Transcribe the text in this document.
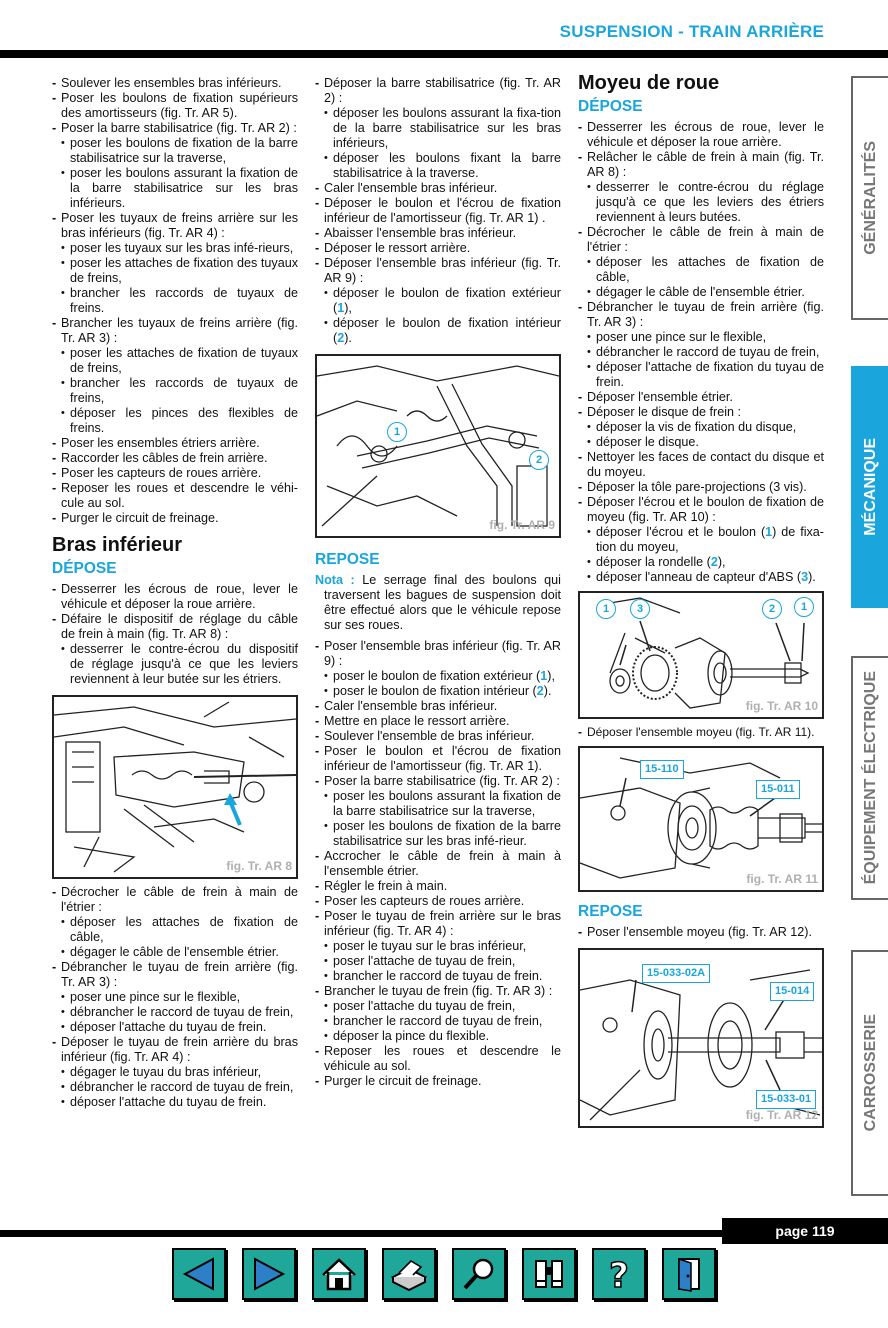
SUSPENSION - TRAIN ARRIÈRE
- Soulever les ensembles bras inférieurs.
- Poser les boulons de fixation supérieurs des amortisseurs (fig. Tr. AR 5).
- Poser la barre stabilisatrice (fig. Tr. AR 2) :
• poser les boulons de fixation de la barre stabilisatrice sur la traverse,
• poser les boulons assurant la fixation de la barre stabilisatrice sur les bras inférieurs.
- Poser les tuyaux de freins arrière sur les bras inférieurs (fig. Tr. AR 4) :
• poser les tuyaux sur les bras infé-rieurs,
• poser les attaches de fixation des tuyaux de freins,
• brancher les raccords de tuyaux de freins.
- Brancher les tuyaux de freins arrière (fig. Tr. AR 3) :
• poser les attaches de fixation de tuyaux de freins,
• brancher les raccords de tuyaux de freins,
• déposer les pinces des flexibles de freins.
- Poser les ensembles étriers arrière.
- Raccorder les câbles de frein arrière.
- Poser les capteurs de roues arrière.
- Reposer les roues et descendre le véhi-cule au sol.
- Purger le circuit de freinage.
Bras inférieur
DÉPOSE
- Desserrer les écrous de roue, lever le véhicule et déposer la roue arrière.
- Défaire le dispositif de réglage du câble de frein à main (fig. Tr. AR 8) :
• desserrer le contre-écrou du dispositif de réglage jusqu'à ce que les leviers reviennent à leur butée sur les étriers.
fig. Tr. AR 8
- Décrocher le câble de frein à main de l'étrier :
• déposer les attaches de fixation de câble,
• dégager le câble de l'ensemble étrier.
- Débrancher le tuyau de frein arrière (fig. Tr. AR 3) :
• poser une pince sur le flexible,
• débrancher le raccord de tuyau de frein,
• déposer l'attache du tuyau de frein.
- Déposer le tuyau de frein arrière du bras inférieur (fig. Tr. AR 4) :
• dégager le tuyau du bras inférieur,
• débrancher le raccord de tuyau de frein,
• déposer l'attache du tuyau de frein.
- Déposer la barre stabilisatrice (fig. Tr. AR 2) :
• déposer les boulons assurant la fixa-tion de la barre stabilisatrice sur les bras inférieurs,
• déposer les boulons fixant la barre stabilisatrice à la traverse.
- Caler l'ensemble bras inférieur.
- Déposer le boulon et l'écrou de fixation inférieur de l'amortisseur (fig. Tr. AR 1) .
- Abaisser l'ensemble bras inférieur.
- Déposer le ressort arrière.
- Déposer l'ensemble bras inférieur (fig. Tr. AR 9) :
• déposer le boulon de fixation extérieur (1),
• déposer le boulon de fixation intérieur (2).
1
2
fig. Tr. AR 9
REPOSE
Nota : Le serrage final des boulons qui traversent les bagues de suspension doit être effectué alors que le véhicule repose sur ses roues.
- Poser l'ensemble bras inférieur (fig. Tr. AR 9) :
• poser le boulon de fixation extérieur (1),
• poser le boulon de fixation intérieur (2).
- Caler l'ensemble bras inférieur.
- Mettre en place le ressort arrière.
- Soulever l'ensemble de bras inférieur.
- Poser le boulon et l'écrou de fixation inférieur de l'amortisseur (fig. Tr. AR 1).
- Poser la barre stabilisatrice (fig. Tr. AR 2) :
• poser les boulons assurant la fixation de la barre stabilisatrice sur la traverse,
• poser les boulons de fixation de la barre stabilisatrice sur les bras infé-rieur.
- Accrocher le câble de frein à main à l'ensemble étrier.
- Régler le frein à main.
- Poser les capteurs de roues arrière.
- Poser le tuyau de frein arrière sur le bras inférieur (fig. Tr. AR 4) :
• poser le tuyau sur le bras inférieur,
• poser l'attache de tuyau de frein,
• brancher le raccord de tuyau de frein.
- Brancher le tuyau de frein (fig. Tr. AR 3) :
• poser l'attache du tuyau de frein,
• brancher le raccord de tuyau de frein,
• déposer la pince du flexible.
- Reposer les roues et descendre le véhicule au sol.
- Purger le circuit de freinage.
Moyeu de roue
DÉPOSE
- Desserrer les écrous de roue, lever le véhicule et déposer la roue arrière.
- Relâcher le câble de frein à main (fig. Tr. AR 8) :
• desserrer le contre-écrou du réglage jusqu'à ce que les leviers des étriers reviennent à leurs butées.
- Décrocher le câble de frein à main de l'étrier :
• déposer les attaches de fixation de câble,
• dégager le câble de l'ensemble étrier.
- Débrancher le tuyau de frein arrière (fig. Tr. AR 3) :
• poser une pince sur le flexible,
• débrancher le raccord de tuyau de frein,
• déposer l'attache de fixation du tuyau de frein.
- Déposer l'ensemble étrier.
- Déposer le disque de frein :
• déposer la vis de fixation du disque,
• déposer le disque.
- Nettoyer les faces de contact du disque et du moyeu.
- Déposer la tôle pare-projections (3 vis).
- Déposer l'écrou et le boulon de fixation de moyeu (fig. Tr. AR 10) :
• déposer l'écrou et le boulon (1) de fixa-tion du moyeu,
• déposer la rondelle (2),
• déposer l'anneau de capteur d'ABS (3).
1	3	2	1
fig. Tr. AR 10
- Déposer l'ensemble moyeu (fig. Tr. AR 11).
15-110
15-011
fig. Tr. AR 11
REPOSE
- Poser l'ensemble moyeu (fig. Tr. AR 12).
15-033-02A
15-014
15-033-01
fig. Tr. AR 12
GÉNÉRALITÉS
MÉCANIQUE
ÉQUIPEMENT ÉLECTRIQUE
CARROSSERIE
page 119
?
